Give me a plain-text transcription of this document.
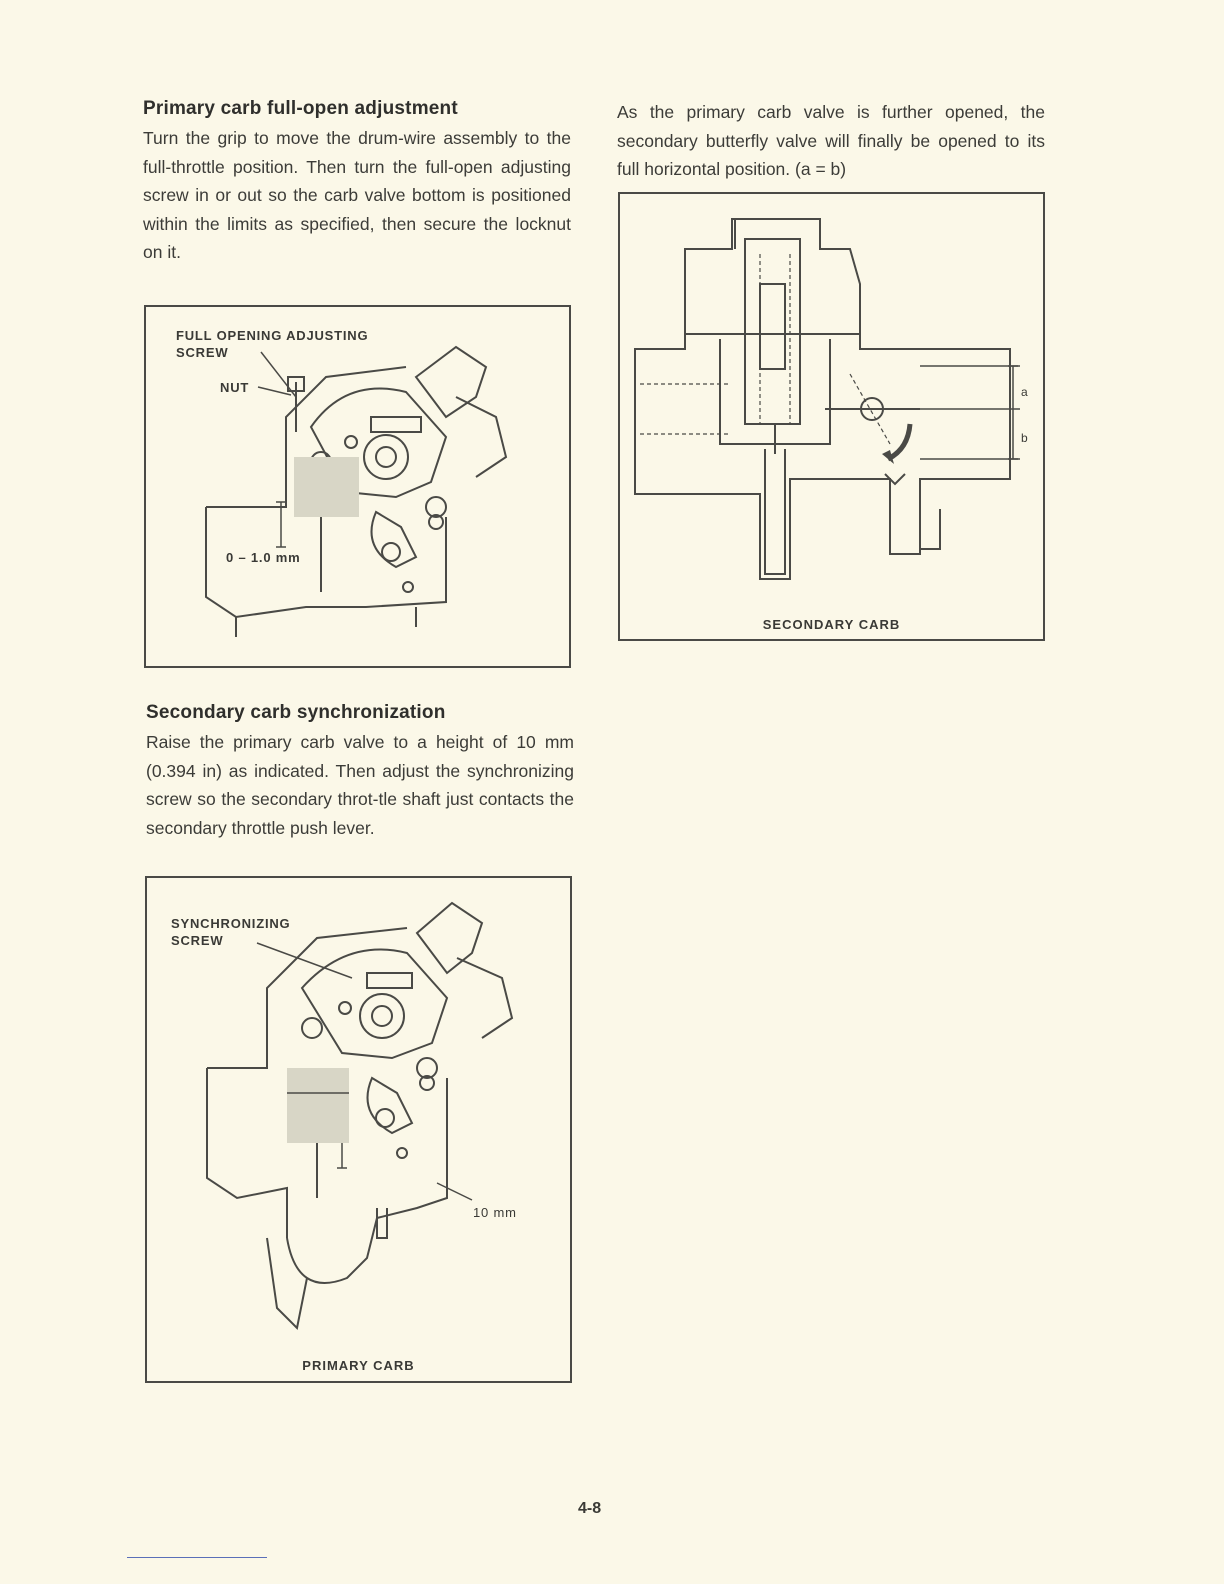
Primary carb full-open adjustment

Turn the grip to move the drum-wire assembly to the full-throttle position. Then turn the full-open adjusting screw in or out so the carb valve bottom is positioned within the limits as specified, then secure the locknut on it.

FULL OPENING ADJUSTING
SCREW
NUT
0 – 1.0 mm
Secondary carb synchronization

Raise the primary carb valve to a height of 10 mm (0.394 in) as indicated. Then adjust the synchronizing screw so the secondary throt-tle shaft just contacts the secondary throttle push lever.

SYNCHRONIZING
SCREW
10 mm
PRIMARY CARB

As the primary carb valve is further opened, the secondary butterfly valve will finally be opened to its full horizontal position. (a = b)

a
b
SECONDARY CARB
4-8
